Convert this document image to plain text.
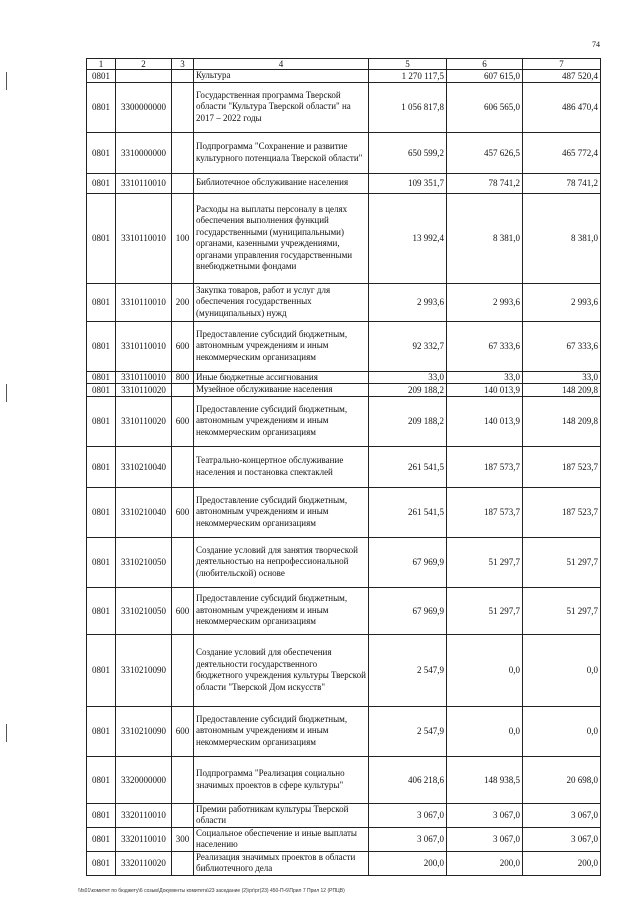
74
1	2	3	4	5	6	7
0801			Культура	1 270 117,5	607 615,0	487 520,4
0801	3300000000		Государственная программа Тверской области "Культура Тверской области" на 2017 – 2022 годы	1 056 817,8	606 565,0	486 470,4
0801	3310000000		Подпрограмма "Сохранение и развитие культурного потенциала Тверской области"	650 599,2	457 626,5	465 772,4
0801	3310110010		Библиотечное обслуживание населения	109 351,7	78 741,2	78 741,2
0801	3310110010	100	Расходы на выплаты персоналу в целях обеспечения выполнения функций государственными (муниципальными) органами, казенными учреждениями, органами управления государственными внебюджетными фондами	13 992,4	8 381,0	8 381,0
0801	3310110010	200	Закупка товаров, работ и услуг для обеспечения государственных (муниципальных) нужд	2 993,6	2 993,6	2 993,6
0801	3310110010	600	Предоставление субсидий бюджетным, автономным учреждениям и иным некоммерческим организациям	92 332,7	67 333,6	67 333,6
0801	3310110010	800	Иные бюджетные ассигнования	33,0	33,0	33,0
0801	3310110020		Музейное обслуживание населения	209 188,2	140 013,9	148 209,8
0801	3310110020	600	Предоставление субсидий бюджетным, автономным учреждениям и иным некоммерческим организациям	209 188,2	140 013,9	148 209,8
0801	3310210040		Театрально-концертное обслуживание населения и постановка спектаклей	261 541,5	187 573,7	187 523,7
0801	3310210040	600	Предоставление субсидий бюджетным, автономным учреждениям и иным некоммерческим организациям	261 541,5	187 573,7	187 523,7
0801	3310210050		Создание условий для занятия творческой деятельностью на непрофессиональной (любительской) основе	67 969,9	51 297,7	51 297,7
0801	3310210050	600	Предоставление субсидий бюджетным, автономным учреждениям и иным некоммерческим организациям	67 969,9	51 297,7	51 297,7
0801	3310210090		Создание условий для обеспечения деятельности государственного бюджетного учреждения культуры Тверской области "Тверской Дом искусств"	2 547,9	0,0	0,0
0801	3310210090	600	Предоставление субсидий бюджетным, автономным учреждениям и иным некоммерческим организациям	2 547,9	0,0	0,0
0801	3320000000		Подпрограмма "Реализация социально значимых проектов в сфере культуры"	406 218,6	148 938,5	20 698,0
0801	3320110010		Премии работникам культуры Тверской области	3 067,0	3 067,0	3 067,0
0801	3320110010	300	Социальное обеспечение и иные выплаты населению	3 067,0	3 067,0	3 067,0
0801	3320110020		Реализация значимых проектов в области библиотечного дела	200,0	200,0	200,0
\\fs01\комитет по бюджету\6 созыв\Документы комитета\23 заседание (2)\рг\рг(23) 450-П-6\Прил 7 Прил 12 (РПЦВ)
